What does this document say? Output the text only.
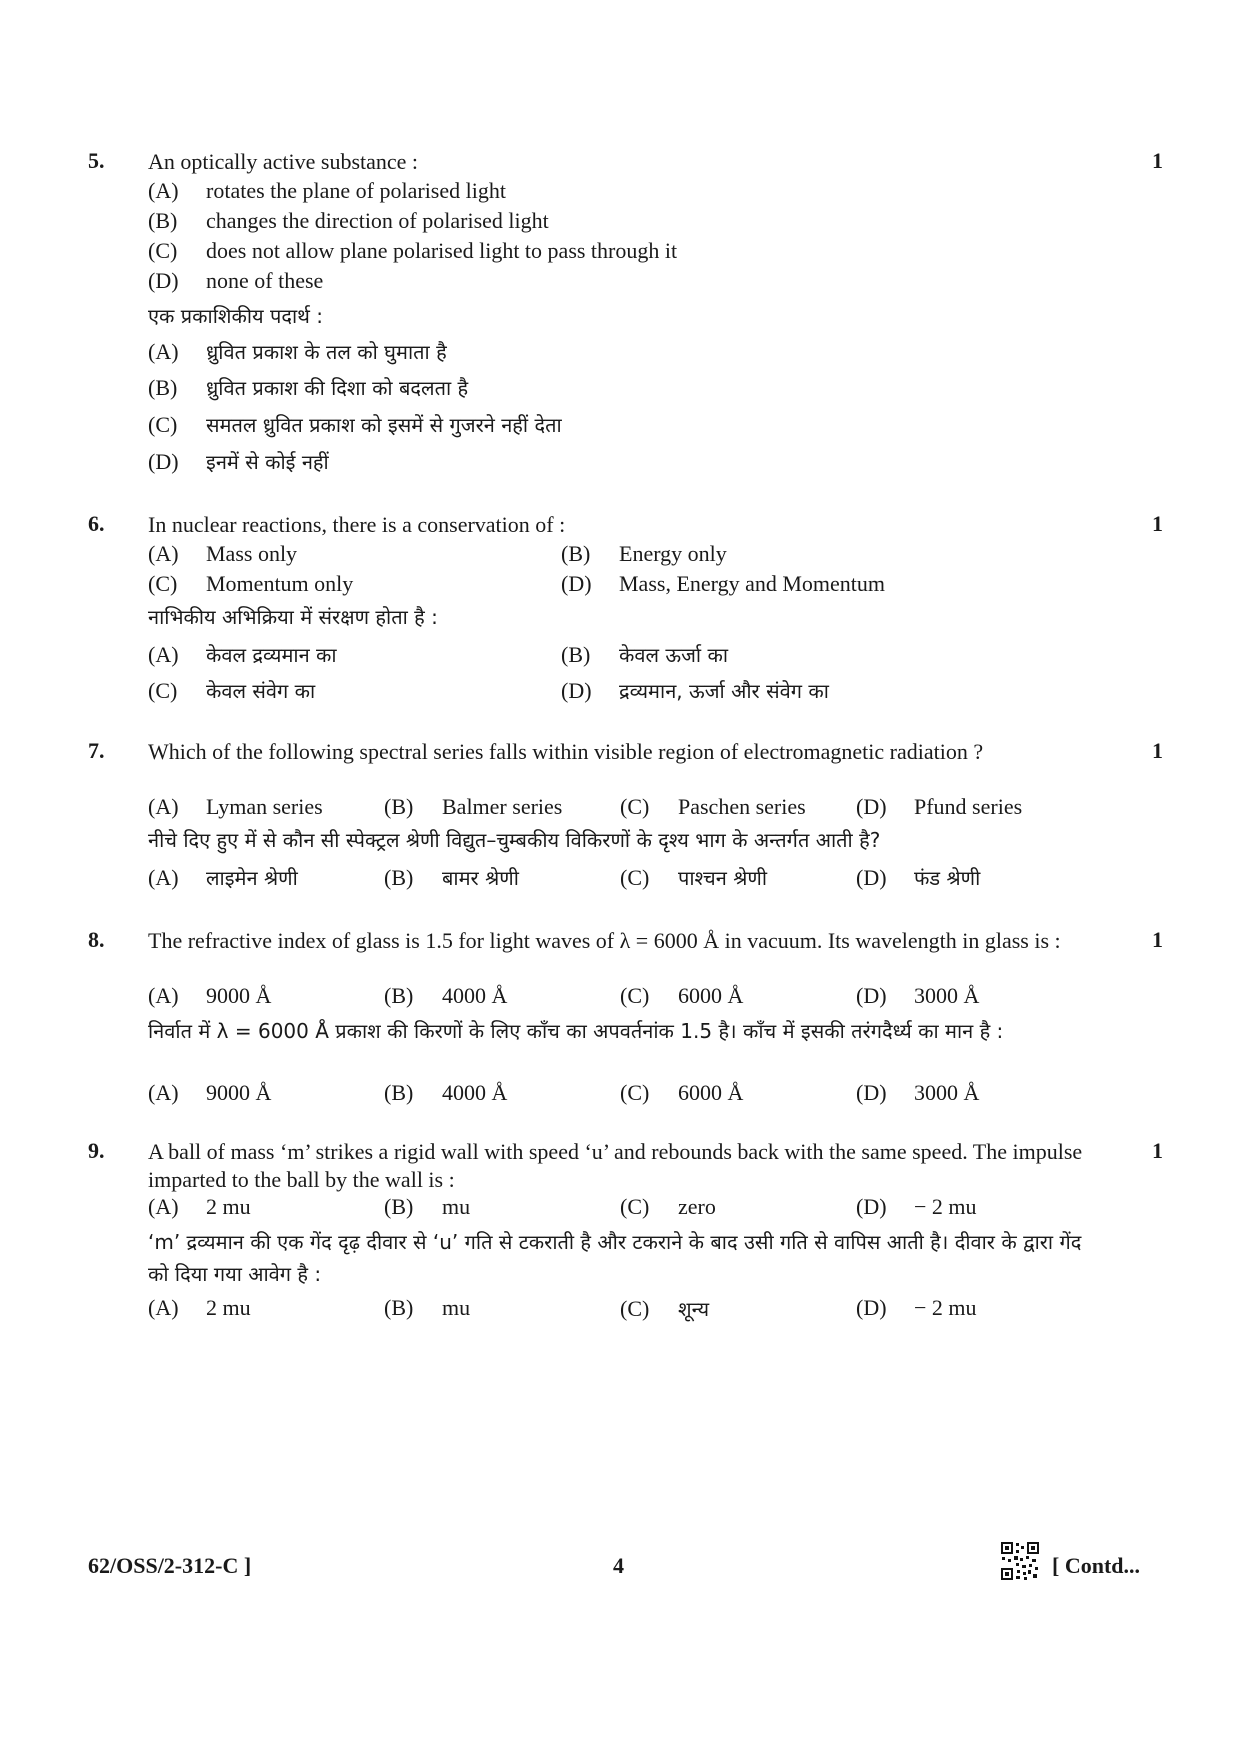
5.	1
An optically active substance :
(A) rotates the plane of polarised light
(B) changes the direction of polarised light
(C) does not allow plane polarised light to pass through it
(D) none of these
एक प्रकाशिकीय पदार्थ :
(A) ध्रुवित प्रकाश के तल को घुमाता है
(B) ध्रुवित प्रकाश की दिशा को बदलता है
(C) समतल ध्रुवित प्रकाश को इसमें से गुजरने नहीं देता
(D) इनमें से कोई नहीं
6.	1
In nuclear reactions, there is a conservation of :
(A) Mass only	(B) Energy only
(C) Momentum only	(D) Mass, Energy and Momentum
नाभिकीय अभिक्रिया में संरक्षण होता है :
(A) केवल द्रव्यमान का	(B) केवल ऊर्जा का
(C) केवल संवेग का	(D) द्रव्यमान, ऊर्जा और संवेग का
7.	1
Which of the following spectral series falls within visible region of electromagnetic radiation ?
(A) Lyman series	(B) Balmer series	(C) Paschen series (D) Pfund series
नीचे दिए हुए में से कौन सी स्पेक्ट्रल श्रेणी विद्युत–चुम्बकीय विकिरणों के दृश्य भाग के अन्तर्गत आती है?
(A) लाइमेन श्रेणी	(B) बामर श्रेणी	(C) पाश्चन श्रेणी	(D) फंड श्रेणी
8.	1
The refractive index of glass is 1.5 for light waves of λ = 6000 Å in vacuum. Its wavelength in glass is :
(A) 9000 Å	(B) 4000 Å	(C) 6000 Å	(D) 3000 Å
निर्वात में λ = 6000 Å प्रकाश की किरणों के लिए काँच का अपवर्तनांक 1.5 है। काँच में इसकी तरंगदैर्ध्य का मान है :
(A) 9000 Å	(B) 4000 Å	(C) 6000 Å	(D) 3000 Å
9.	1
A ball of mass ‘m’ strikes a rigid wall with speed ‘u’ and rebounds back with the same speed. The impulse imparted to the ball by the wall is :
(A) 2 mu	(B) mu	(C) zero	(D) − 2 mu
‘m’ द्रव्यमान की एक गेंद दृढ़ दीवार से ‘u’ गति से टकराती है और टकराने के बाद उसी गति से वापिस आती है। दीवार के द्वारा गेंद को दिया गया आवेग है :
(A) 2 mu	(B) mu	(C) शून्य	(D) − 2 mu
62/OSS/2-312-C ]	4	[ Contd...
